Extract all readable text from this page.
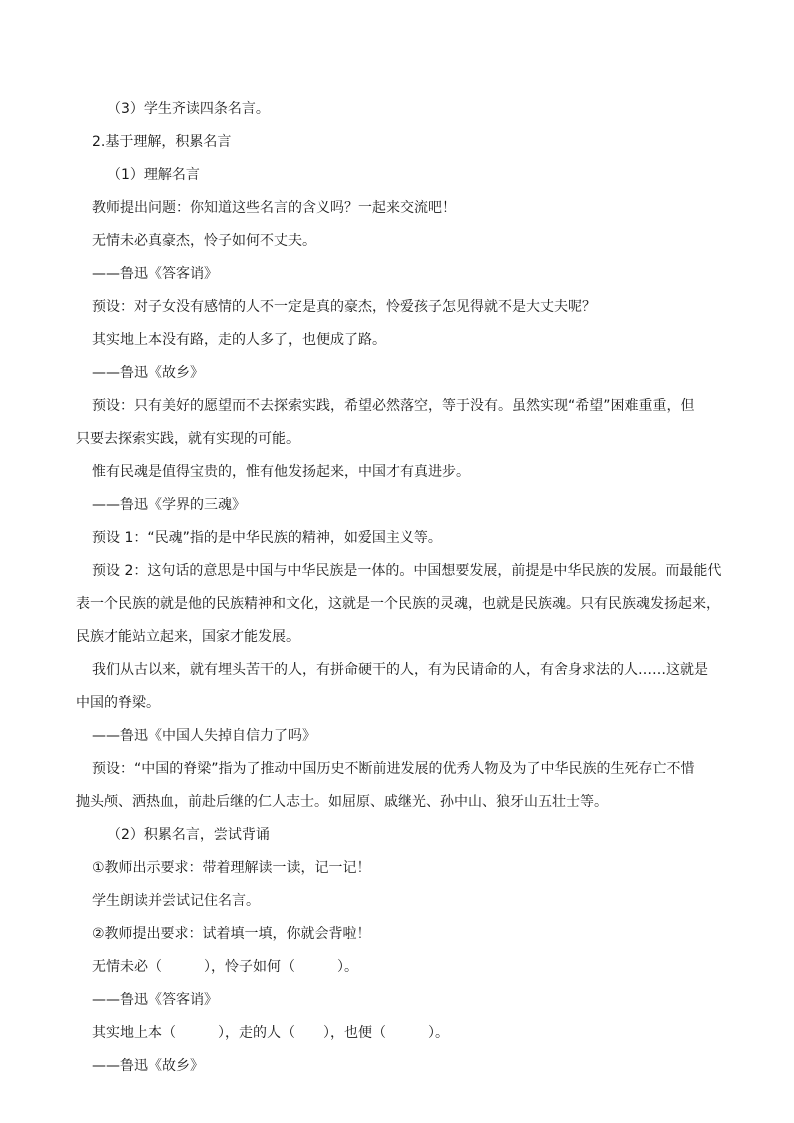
（3）学生齐读四条名言。
2.基于理解，积累名言
（1）理解名言
教师提出问题：你知道这些名言的含义吗？一起来交流吧！
无情未必真豪杰，怜子如何不丈夫。
——鲁迅《答客诮》
预设：对子女没有感情的人不一定是真的豪杰，怜爱孩子怎见得就不是大丈夫呢？
其实地上本没有路，走的人多了，也便成了路。
——鲁迅《故乡》
预设：只有美好的愿望而不去探索实践，希望必然落空，等于没有。虽然实现“希望”困难重重，但
只要去探索实践，就有实现的可能。
惟有民魂是值得宝贵的，惟有他发扬起来，中国才有真进步。
——鲁迅《学界的三魂》
预设 1：“民魂”指的是中华民族的精神，如爱国主义等。
预设 2：这句话的意思是中国与中华民族是一体的。中国想要发展，前提是中华民族的发展。而最能代
表一个民族的就是他的民族精神和文化，这就是一个民族的灵魂，也就是民族魂。只有民族魂发扬起来，
民族才能站立起来，国家才能发展。
我们从古以来，就有埋头苦干的人，有拼命硬干的人，有为民请命的人，有舍身求法的人……这就是
中国的脊梁。
——鲁迅《中国人失掉自信力了吗》
预设：“中国的脊梁”指为了推动中国历史不断前进发展的优秀人物及为了中华民族的生死存亡不惜
抛头颅、洒热血，前赴后继的仁人志士。如屈原、戚继光、孙中山、狼牙山五壮士等。
（2）积累名言，尝试背诵
①教师出示要求：带着理解读一读，记一记！
学生朗读并尝试记住名言。
②教师提出要求：试着填一填，你就会背啦！
无情未必（　　　），怜子如何（　　　）。
——鲁迅《答客诮》
其实地上本（　　　），走的人（　　），也便（　　　）。
——鲁迅《故乡》
